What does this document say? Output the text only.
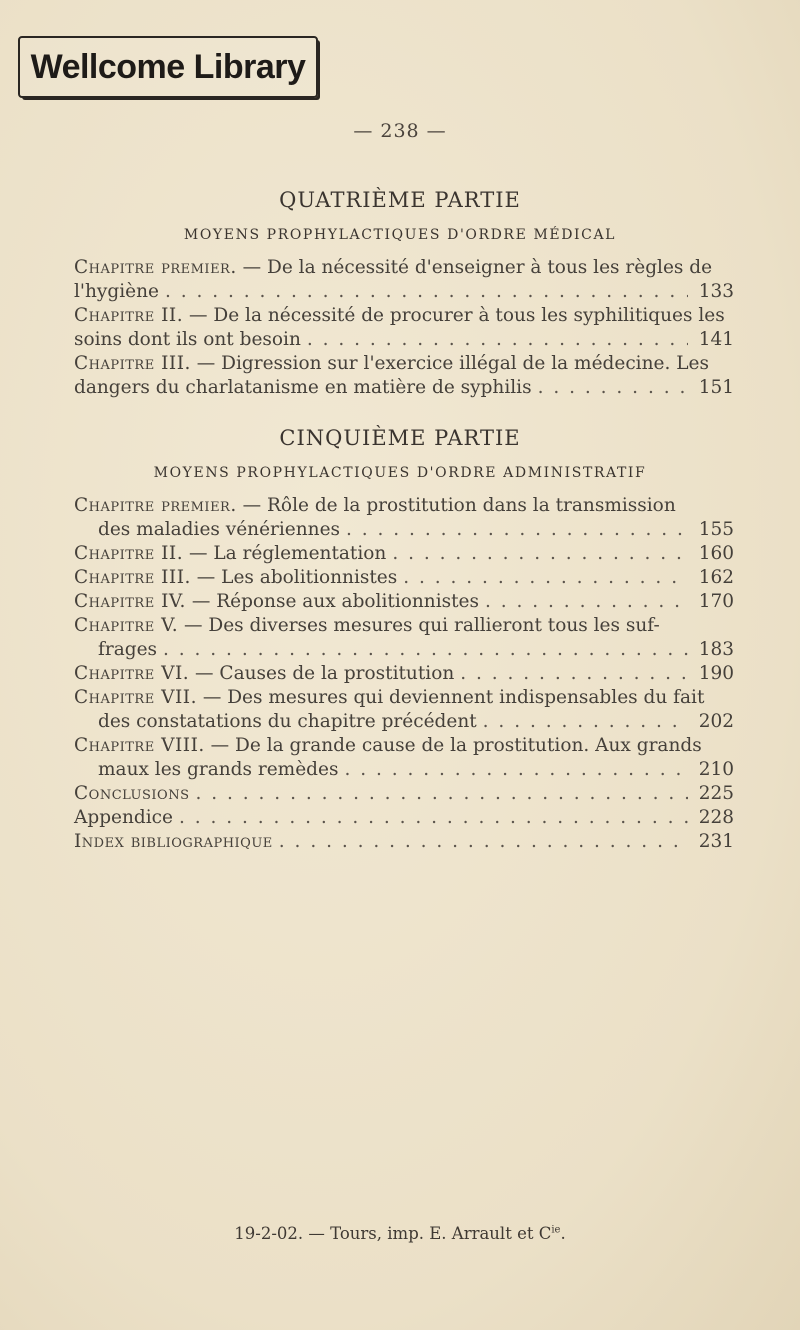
Wellcome Library
— 238 —
QUATRIÈME PARTIE
MOYENS PROPHYLACTIQUES D'ORDRE MÉDICAL
Chapitre premier. — De la nécessité d'enseigner à tous les règles de
l'hygiène . . .	133
Chapitre II. — De la nécessité de procurer à tous les syphilitiques les
soins dont ils ont besoin . . .	141
Chapitre III. — Digression sur l'exercice illégal de la médecine. Les
dangers du charlatanisme en matière de syphilis . . .	151
CINQUIÈME PARTIE
MOYENS PROPHYLACTIQUES D'ORDRE ADMINISTRATIF
Chapitre premier. — Rôle de la prostitution dans la transmission
des maladies vénériennes . . .	155
Chapitre II. — La réglementation . . .	160
Chapitre III. — Les abolitionnistes . . .	162
Chapitre IV. — Réponse aux abolitionnistes . . .	170
Chapitre V. — Des diverses mesures qui rallieront tous les suf-
frages . . .	183
Chapitre VI. — Causes de la prostitution . . .	190
Chapitre VII. — Des mesures qui deviennent indispensables du fait
des constatations du chapitre précédent . . .	202
Chapitre VIII. — De la grande cause de la prostitution. Aux grands
maux les grands remèdes . . .	210
Conclusions . . .	225
Appendice . . .	228
Index bibliographique . . .	231
19-2-02. — Tours, imp. E. Arrault et $C^{ie}$.
